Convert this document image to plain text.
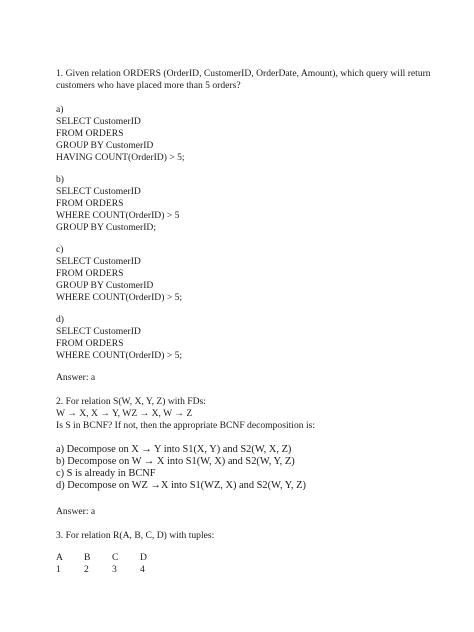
1. Given relation ORDERS (OrderID, CustomerID, OrderDate, Amount), which query will return
customers who have placed more than 5 orders?
a)
SELECT CustomerID
FROM ORDERS
GROUP BY CustomerID
HAVING COUNT(OrderID) > 5;
b)
SELECT CustomerID
FROM ORDERS
WHERE COUNT(OrderID) > 5
GROUP BY CustomerID;
c)
SELECT CustomerID
FROM ORDERS
GROUP BY CustomerID
WHERE COUNT(OrderID) > 5;
d)
SELECT CustomerID
FROM ORDERS
WHERE COUNT(OrderID) > 5;
Answer: a
2. For relation S(W, X, Y, Z) with FDs:
W → X, X → Y, WZ → X, W → Z
Is S in BCNF? If not, then the appropriate BCNF decomposition is:
a) Decompose on X → Y into S1(X, Y) and S2(W, X, Z)
b) Decompose on W → X into S1(W, X) and S2(W, Y, Z)
c) S is already in BCNF
d) Decompose on WZ →X into S1(WZ, X) and S2(W, Y, Z)
Answer: a
3. For relation R(A, B, C, D) with tuples:
A B C D
1 2 3 4
